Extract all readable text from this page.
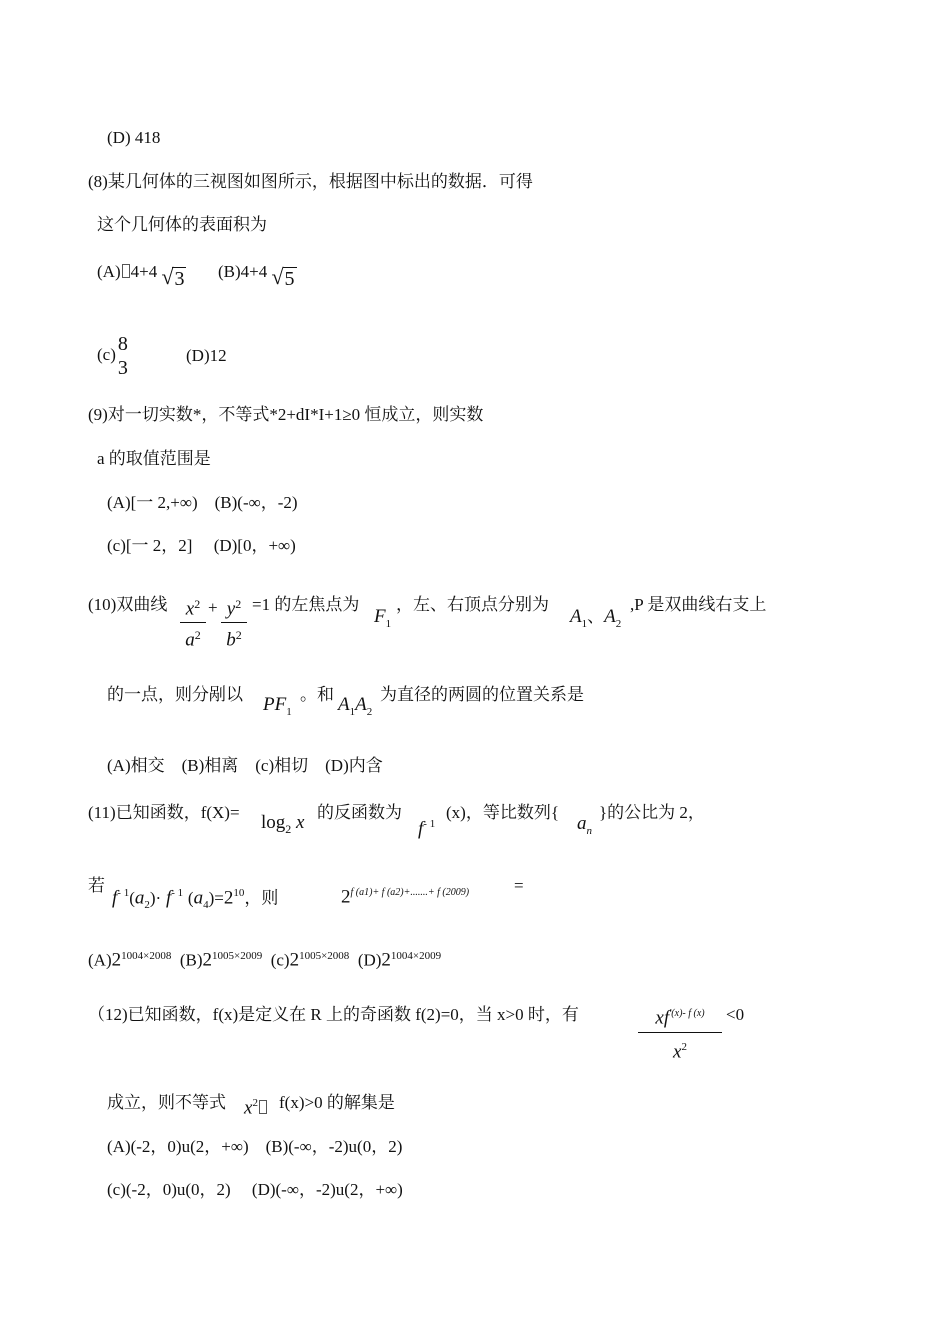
(D) 418
(8)某几何体的三视图如图所示，根据图中标出的数据．可得
这个几何体的表面积为
(A) 4+4 √ 3 (B)4+4 √ 5
(c) 8
3
(D)12
(9)对一切实数*，不等式*2+dI*I+1≥0 恒成立，则实数
a 的取值范围是
(A)[一 2,+∞)　(B)(-∞，-2)
(c)[一 2，2]　 (D)[0，+∞)
(10)双曲线 $x^2$
$a^2$
+ $y^2$
$b^2$
=1 的左焦点为
$F_1$
，左、右顶点分别为
$A_1$、$A_2$
,P 是双曲线右支上
的一点，则分剐以 $PF_1$
。和 $A_1A_2$
为直径的两圆的位置关系是
(A)相交　(B)相离　(c)相切　(D)内含
(11)已知函数，$f(X)= \log_2 x$ 的反函数为
$f^{- 1}$
(x)，等比数列{
$a_n$
}的公比为 2，
若
$f^{- 1}(a_2)\cdot f^{- 1}$ $(a_4)=2^{10}$，则	$2^{f (a1)+ f (a2)+.......+ f (2009)}$	=
$(A)2^{1004\times 2008}$ $(B)2^{1005\times 2009}$ $(c)2^{1005\times 2008}$ $(D)2^{1004\times 2009}$
（12)已知函数，f(x)是定义在 R 上的奇函数 f(2)=0，当 x>0 时，有	$xf^{'(x)- f (x)}$
$x^2$
<0
成立，则不等式 $x^2$	f(x)>0 的解集是
(A)(-2，0)u(2，+∞)　(B)(-∞，-2)u(0，2)
(c)(-2，0)u(0，2)　 (D)(-∞，-2)u(2，+∞)
